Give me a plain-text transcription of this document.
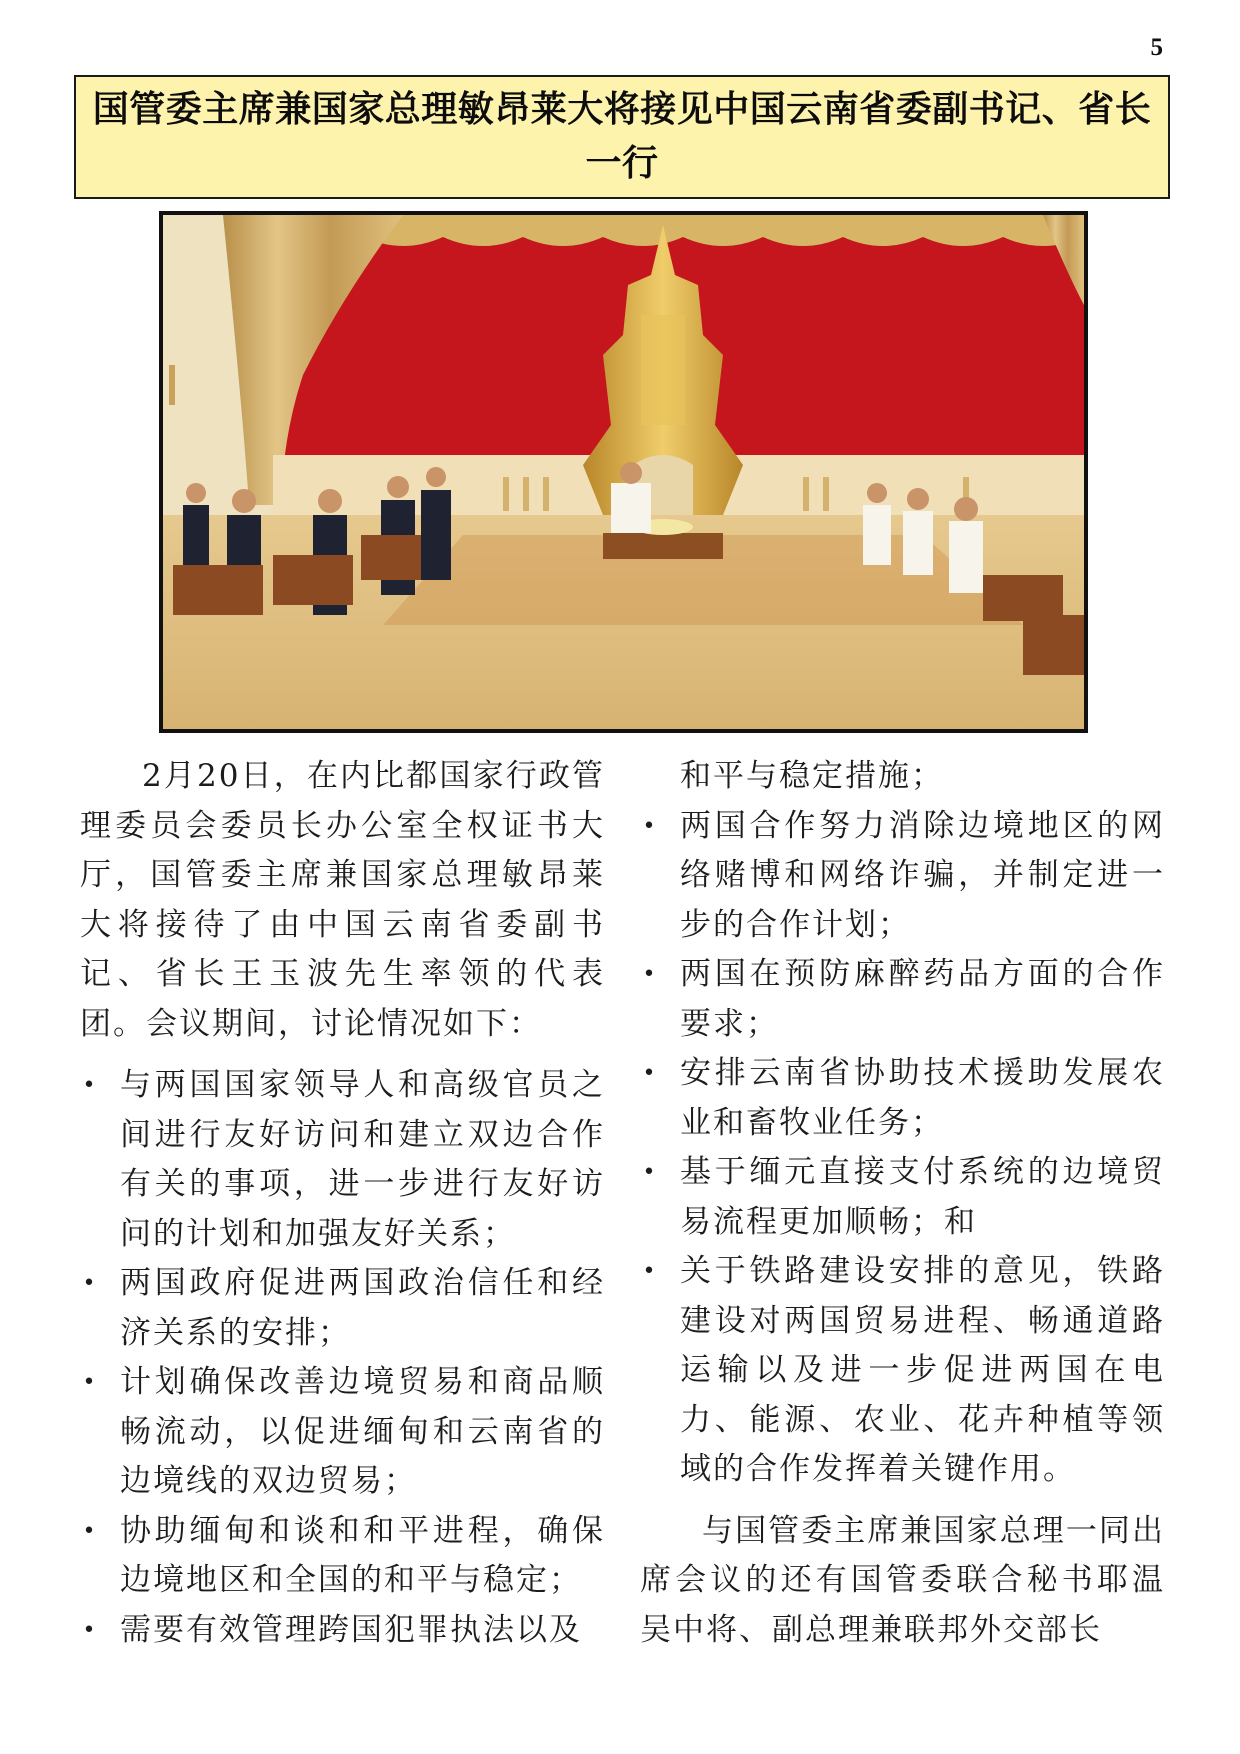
5
国管委主席兼国家总理敏昂莱大将接见中国云南省委副书记、省长一行

2月20日，在内比都国家行政管理委员会委员长办公室全权证书大厅，国管委主席兼国家总理敏昂莱大将接待了由中国云南省委副书记、省长王玉波先生率领的代表团。会议期间，讨论情况如下：

• 与两国国家领导人和高级官员之间进行友好访问和建立双边合作有关的事项，进一步进行友好访问的计划和加强友好关系；
• 两国政府促进两国政治信任和经济关系的安排；
• 计划确保改善边境贸易和商品顺畅流动，以促进缅甸和云南省的边境线的双边贸易；
• 协助缅甸和谈和和平进程，确保边境地区和全国的和平与稳定；
• 需要有效管理跨国犯罪执法以及
和平与稳定措施；
• 两国合作努力消除边境地区的网络赌博和网络诈骗，并制定进一步的合作计划；
• 两国在预防麻醉药品方面的合作要求；
• 安排云南省协助技术援助发展农业和畜牧业任务；
• 基于缅元直接支付系统的边境贸易流程更加顺畅；和
• 关于铁路建设安排的意见，铁路建设对两国贸易进程、畅通道路运输以及进一步促进两国在电力、能源、农业、花卉种植等领域的合作发挥着关键作用。

与国管委主席兼国家总理一同出席会议的还有国管委联合秘书耶温吴中将、副总理兼联邦外交部长
